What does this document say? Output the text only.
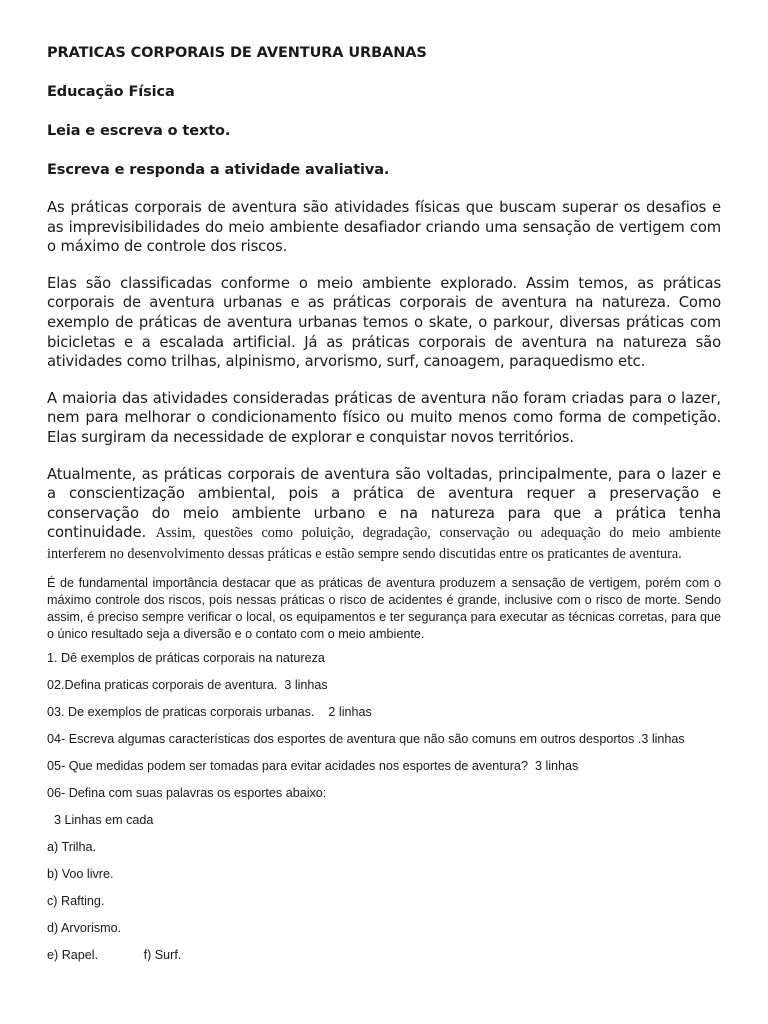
PRATICAS CORPORAIS DE AVENTURA URBANAS
Educação Física
Leia e escreva o texto.
Escreva e responda a atividade avaliativa.
As práticas corporais de aventura são atividades físicas que buscam superar os desafios e as imprevisibilidades do meio ambiente desafiador criando uma sensação de vertigem com o máximo de controle dos riscos.
Elas são classificadas conforme o meio ambiente explorado. Assim temos, as práticas corporais de aventura urbanas e as práticas corporais de aventura na natureza. Como exemplo de práticas de aventura urbanas temos o skate, o parkour, diversas práticas com bicicletas e a escalada artificial. Já as práticas corporais de aventura na natureza são atividades como trilhas, alpinismo, arvorismo, surf, canoagem, paraquedismo etc.
A maioria das atividades consideradas práticas de aventura não foram criadas para o lazer, nem para melhorar o condicionamento físico ou muito menos como forma de competição. Elas surgiram da necessidade de explorar e conquistar novos territórios.
Atualmente, as práticas corporais de aventura são voltadas, principalmente, para o lazer e a conscientização ambiental, pois a prática de aventura requer a preservação e conservação do meio ambiente urbano e na natureza para que a prática tenha continuidade. Assim, questões como poluição, degradação, conservação ou adequação do meio ambiente interferem no desenvolvimento dessas práticas e estão sempre sendo discutidas entre os praticantes de aventura.
É de fundamental importância destacar que as práticas de aventura produzem a sensação de vertigem, porém com o máximo controle dos riscos, pois nessas práticas o risco de acidentes é grande, inclusive com o risco de morte. Sendo assim, é preciso sempre verificar o local, os equipamentos e ter segurança para executar as técnicas corretas, para que o único resultado seja a diversão e o contato com o meio ambiente.
1. Dê exemplos de práticas corporais na natureza
02.Defina praticas corporais de aventura.  3 linhas
03. De exemplos de praticas corporais urbanas.    2 linhas
04- Escreva algumas características dos esportes de aventura que não são comuns em outros desportos .3 linhas
05- Que medidas podem ser tomadas para evitar acidades nos esportes de aventura?  3 linhas
06- Defina com suas palavras os esportes abaixo:
3 Linhas em cada
a) Trilha.
b) Voo livre.
c) Rafting.
d) Arvorismo.
e) Rapel.             f) Surf.
